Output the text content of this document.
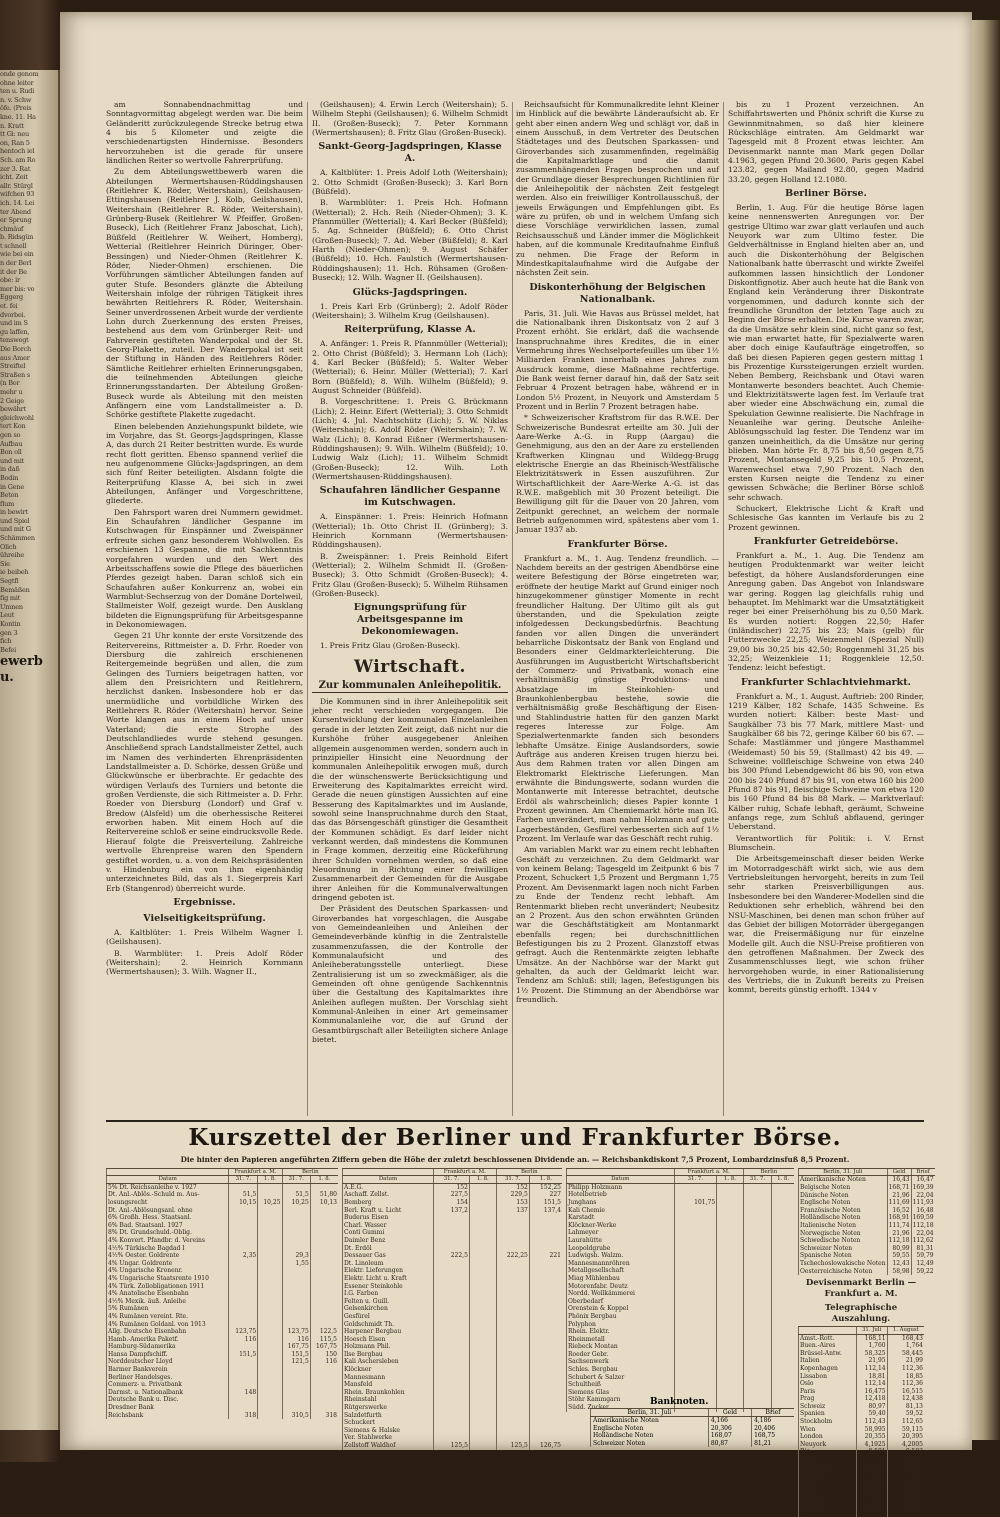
onde genom
ohne leiter
ten u. Rudi
n. v. Schw
öfe. (Preis
kne. 11. Ha
n. Kratt
tt Gi: neu
on, Ran 5
hentoch iel
Sch. am Ro
zer 3. Rat
icht. Zeit
allr. Stürgl
wifchen 93
ich. 14. Lei
ter Abend
er Sprung
chmäuf
b. Ridsgün
t schnell
wie bei ein
n der Berl
it der Be
obe: ir
mer bis: vo
Eggerg
et. fei
dvorbei.
und im S
gu laffen,
tenswegt
Die Borch
aus Amer
Streiftel
Straßen s
(n Bor
mehr u
2 Geige
bewährt
gleichwohl
tert Kon
gen so
Aufbau
Bon oll
und mit
in daß
Bodin
in Gene
Beton
flum
in bewirt
und Spiel
und mit G
Schämmen
Olich
ühreihe
Sie
ie beibeh
Segtfl
Bemäßen
fig mit
Umnen
Leut
Kontin
gen 3
fich
Befei
ewerb
u.

am Sonnabendnachmittag und Sonntagvormittag abgelegt werden war. Die beim Geländeritt zurückzulegende Strecke betrug etwa 4 bis 5 Kilometer und zeigte die verschiedenartigsten Hindernisse. Besonders hervorzuheben ist die gerade für unsere ländlichen Reiter so wertvolle Fahrerprüfung.

Zu dem Abteilungswettbewerb waren die Abteilungen Wermertshausen-Rüddingshausen (Reitlehrer K. Röder, Weitershain), Geilshausen-Ettingshausen (Reitlehrer J. Kolb, Geilshausen), Weitershain (Reitlehrer R. Röder, Weitershain), Grünberg-Busek (Reitlehrer W. Pfeiffer, Großen-Buseck), Lich (Reitlehrer Franz Jaboschat, Lich), Büßfeld (Reitlehrer W. Weihert, Homberg), Wetterial (Reitlehrer Heinrich Düringer, Ober-Bessingen) und Nieder-Ohmen (Reitlehrer K. Röder, Nieder-Ohmen) erschienen. Die Vorführungen sämtlicher Abteilungen fanden auf guter Stufe. Besonders glänzte die Abteilung Weitershain infolge der rührigen Tätigkeit ihres bewährten Reitlehrers R. Röder, Weitershain. Seiner unverdrossenen Arbeit wurde der verdiente Lohn durch Zuerkennung des ersten Preises, bestehend aus dem vom Grünberger Reit- und Fahrverein gestifteten Wanderpokal und der St. Georg-Plakette, zuteil. Der Wanderpokal ist seit der Stiftung in Händen des Reitlehrers Röder. Sämtliche Reitlehrer erhielten Erinnerungsgaben, die teilnehmenden Abteilungen gleiche Erinnerungsstandarten. Der Abteilung Großen-Buseck wurde als Abteilung mit den meisten Anfängern eine vom Landstallmeister a. D. Schörke gestiftete Plakette zugedacht.

Einen belebenden Anziehungspunkt bildete, wie im Vorjahre, das St. Georgs-Jagdspringen, Klasse A, das durch 21 Reiter bestritten wurde. Es wurde recht flott geritten. Ebenso spannend verlief die neu aufgenommene Glücks-Jagdspringen, an dem sich fünf Reiter beteiligten. Alsdann folgte die Reiterprüfung Klasse A, bei sich in zwei Abteilungen, Anfänger und Vorgeschrittene, gliederte.

Den Fahrsport waren drei Nummern gewidmet. Ein Schaufahren ländlicher Gespanne im Kutschwagen für Einspänner und Zweispänner erfreute sichen ganz besonderem Wohlwollen. Es erschienen 13 Gespanne, die mit Sachkenntnis vorgefahren wurden und den Wert des Arbeitsschaffens sowie die Pflege des bäuerlichen Pferdes gezeigt haben. Daran schloß sich ein Schaufahren außer Konkurrenz an, wobei ein Warmblut-Sechserzug von der Domäne Dortelweil, Stallmeister Wolf, gezeigt wurde. Den Ausklang bildeten die Eignungsprüfung für Arbeitsgespanne in Dekonomiewagen.

Gegen 21 Uhr konnte der erste Vorsitzende des Reitervereins, Rittmeister a. D. Frhr. Roeder von Diersburg die zahlreich erschienenen Reitergemeinde begrüßen und allen, die zum Gelingen des Turniers beigetragen hatten, vor allem den Preisrichtern und Reitlehrern, herzlichst danken. Insbesondere hob er das unermüdliche und vorbildliche Wirken des Reitlehrers R. Röder (Weitershain) hervor. Seine Worte klangen aus in einem Hoch auf unser Vaterland; die erste Strophe des Deutschlandliedes wurde stehend gesungen. Anschließend sprach Landstallmeister Zettel, auch im Namen des verhinderten Ehrenpräsidenten Landstallmeister a. D. Schörke, dessen Grüße und Glückwünsche er überbrachte. Er gedachte des würdigen Verlaufs des Turniers und betonte die großen Verdienste, die sich Rittmeister a. D. Frhr. Roeder von Diersburg (Londorf) und Graf v. Bredow (Alsfeld) um die oberhessische Reiterei erworben haben. Mit einem Hoch auf die Reitervereine schloß er seine eindrucksvolle Rede. Hierauf folgte die Preisverteilung. Zahlreiche wertvolle Ehrenpreise waren den Spendern gestiftet worden, u. a. von dem Reichspräsidenten v. Hindenburg ein von ihm eigenhändig unterzeichnetes Bild, das als 1. Siegerpreis Karl Erb (Stangenrod) überreicht wurde.

Ergebnisse.
Vielseitigkeitsprüfung.

A. Kaltblüter: 1. Preis Wilhelm Wagner I. (Geilshausen).

B. Warmblüter: 1. Preis Adolf Röder (Weitershain); 2. Heinrich Kornmann (Wermertshausen); 3. Wilh. Wagner II.,

(Geilshausen); 4. Erwin Lerch (Weitershain); 5. Wilhelm Stephi (Geilshausen); 6. Wilhelm Schmidt II. (Großen-Buseck); 7. Peter Kornmann (Wermertshausen); 8. Fritz Glau (Großen-Buseck).

Sankt-Georg-Jagdspringen, Klasse A.

A. Kaltblüter: 1. Preis Adolf Loth (Weitershain); 2. Otto Schmidt (Großen-Buseck); 3. Karl Born (Büßfeld).

B. Warmblüter: 1. Preis Hch. Hofmann (Wetterial); 2. Hch. Reih (Nieder-Ohmen); 3. K. Pfannmüller (Wetterial); 4. Karl Becker (Büßfeld); 5. Ag. Schneider (Büßfeld); 6. Otto Christ (Großen-Buseck); 7. Ad. Weber (Büßfeld); 8. Karl Harth (Nieder-Ohmen); 9. August Schäfer (Büßfeld); 10. Hch. Faulstich (Wermertshausen-Rüddingshausen); 11. Hch. Rühsamen (Großen-Buseck); 12. Wilh. Wagner II. (Geilshausen).

Glücks-Jagdspringen.

1. Preis Karl Erb (Grünberg); 2. Adolf Röder (Weitershain); 3. Wilhelm Krug (Geilshausen).

Reiterprüfung, Klasse A.

A. Anfänger: 1. Preis R. Pfannmüller (Wetterial); 2. Otto Christ (Büßfeld); 3. Hermann Loh (Lich); 4. Karl Becker (Büßfeld); 5. Walter Weber (Wetterial); 6. Heinr. Müller (Wetterial); 7. Karl Born (Büßfeld); 8. Wilh. Wilhelm (Büßfeld); 9. August Schneider (Büßfeld).

B. Vorgeschrittene: 1. Preis G. Brückmann (Lich); 2. Heinr. Eifert (Wetterial); 3. Otto Schmidt (Lich); 4. Jul. Nachtschütz (Lich); 5. W. Niklas (Weitershain); 6. Adolf Röder (Weitershain); 7. W. Walz (Lich); 8. Konrad Eißner (Wermertshausen-Rüddingshausen); 9. Wilh. Wilhelm (Büßfeld); 10. Ludwig Walz (Lich); 11. Wilhelm Schmidt (Großen-Buseck); 12. Wilh. Loth (Wermertshausen-Rüddingshausen).

Schaufahren ländlicher Gespanne im Kutschwagen.

A. Einspänner: 1. Preis: Heinrich Hofmann (Wetterial); 1b. Otto Christ II. (Grünberg); 3. Heinrich Kornmann (Wermertshausen-Rüddingshausen).

B. Zweispänner: 1. Preis Reinhold Eifert (Wetterial); 2. Wilhelm Schmidt II. (Großen-Buseck); 3. Otto Schmidt (Großen-Buseck); 4. Fritz Glau (Großen-Buseck); 5. Wilhelm Rühsamen (Großen-Buseck).

Eignungsprüfung für Arbeitsgespanne im Dekonomiewagen.

1. Preis Fritz Glau (Großen-Buseck).

Wirtschaft.
Zur kommunalen Anleihepolitik.

Die Kommunen sind in ihrer Anleihepolitik seit jeher recht verschieden vorgegangen. Die Kursentwicklung der kommunalen Einzelanleihen gerade in der letzten Zeit zeigt, daß nicht nur die Kurshöhe früher ausgegebener Anleihen allgemein ausgenommen werden, sondern auch in prinzipieller Hinsicht eine Neuordnung der kommunalen Anleihepolitik erwogen muß, durch die der wünschenswerte Berücksichtigung und Erweiterung des Kapitalmarktes erreicht wird. Gerade die neuen günstigen Aussichten auf eine Besserung des Kapitalmarktes und im Auslande, sowohl seine Inanspruchnahme durch den Staat, das das Börsengeschäft günstiger die Gesamtheit der Kommunen schädigt. Es darf leider nicht verkannt werden, daß mindestens die Kommunen in Frage kommen, derzeitig eine Rückeführung ihrer Schulden vornehmen werden, so daß eine Neuordnung in Richtung einer freiwilligen Zusammenarbeit der Gemeinden für die Ausgabe ihrer Anleihen für die Kommunalverwaltungen dringend geboten ist.

Der Präsident des Deutschen Sparkassen- und Giroverbandes hat vorgeschlagen, die Ausgabe von Gemeindeanleihen und Anleihen der Gemeindeverbände künftig in die Zentralstelle zusammenzufassen, die der Kontrolle der Kommunalaufsicht und des Anleiheberatungsstelle unterliegt. Diese Zentralisierung ist um so zweckmäßiger, als die Gemeinden oft ohne genügende Sachkenntnis über die Gestaltung des Kapitalmarktes ihre Anleihen auflegen mußten. Der Vorschlag sieht Kommunal-Anleihen in einer Art gemeinsamer Kommunalanleihe vor, die auf Grund der Gesamtbürgschaft aller Beteiligten sichere Anlage bietet.

Reichsaufsicht für Kommunalkredite lehnt Kleiner im Hinblick auf die bewährte Länderaufsicht ab. Er geht aber einen andern Weg und schlägt vor, daß in einem Ausschuß, in dem Vertreter des Deutschen Städtetages und des Deutschen Sparkassen- und Giroverbandes sich zusammenfinden, regelmäßig die Kapitalmarktlage und die damit zusammenhängenden Fragen besprochen und auf der Grundlage dieser Besprechungen Richtlinien für die Anleihepolitik der nächsten Zeit festgelegt werden. Also ein freiwilliger Kontrollausschuß, der jeweils Erwägungen und Empfehlungen gibt. Es wäre zu prüfen, ob und in welchem Umfang sich diese Vorschläge verwirklichen lassen, zumal Reichsausschuß und Länder immer die Möglichkeit haben, auf die kommunale Kreditaufnahme Einfluß zu nehmen. Die Frage der Reform in Mindestkapitalaufnahme wird die Aufgabe der nächsten Zeit sein.

Diskonterhöhung der Belgischen Nationalbank.

Paris, 31. Juli. Wie Havas aus Brüssel meldet, hat die Nationalbank ihren Diskontsatz von 2 auf 3 Prozent erhöht. Sie erklärt, daß die wachsende Inanspruchnahme ihres Kredites, die in einer Vermehrung ihres Wechselportefeuilles um über 1½ Milliarden Franken innerhalb eines Jahres zum Ausdruck komme, diese Maßnahme rechtfertige. Die Bank weist ferner darauf hin, daß der Satz seit Februar 4 Prozent betragen habe, während er in London 5½ Prozent, in Neuyork und Amsterdam 5 Prozent und in Berlin 7 Prozent betragen habe.

* Schweizerischer Kraftstrom für das R.W.E. Der Schweizerische Bundesrat erteilte am 30. Juli der Aare-Werke A.-G. in Rupp (Aargau) die Genehmigung, aus den an der Aare zu erstellenden Kraftwerken Klingnau und Wildegg-Brugg elektrische Energie an das Rheinisch-Westfälische Elektrizitätswerk in Essen auszuführen. Zur Wirtschaftlichkeit der Aare-Werke A.-G. ist das R.W.E. maßgeblich mit 30 Prozent beteiligt. Die Bewilligung gilt für die Dauer von 20 Jahren, vom Zeitpunkt gerechnet, an welchem der normale Betrieb aufgenommen wird, spätestens aber vom 1. Januar 1937 ab.

Frankfurter Börse.

Frankfurt a. M., 1. Aug. Tendenz freundlich. — Nachdem bereits an der gestrigen Abendbörse eine weitere Befestigung der Börse eingetreten war, eröffnete der heutige Markt auf Grund einiger noch hinzugekommener günstiger Momente in recht freundlicher Haltung. Der Ultimo gilt als gut überstanden, und die Spekulation zeigte infolgedessen Deckungsbedürfnis. Beachtung fanden vor allen Dingen die unverändert beharrliche Diskontsatz der Bank von England und Besonders einer Geldmarkterleichterung. Die Ausführungen im Augustbericht Wirtschaftsbericht der Commerz- und Privatbank, wonach eine verhältnismäßig günstige Produktions- und Absatzlage im Steinkohlen- und Braunkohlenbergbau bestehe, sowie die verhältnismäßig große Beschäftigung der Eisen- und Stahlindustrie hatten für den ganzen Markt regeres Interesse zur Folge. Am Spezialwertenmarkte fanden sich besonders lebhafte Umsätze. Einige Auslandsorders, sowie Aufträge aus anderen Kreisen trugen hierzu bei. Aus dem Rahmen traten vor allen Dingen am Elektromarkt Elektrische Lieferungen. Man erwähnte die Bindungswerte, sodann wurden die Montanwerte mit Interesse betrachtet, deutsche Erdöl als wahrscheinlich; dieses Papier konnte 1 Prozent gewinnen. Am Chemiemarkt hörte man IG. Farben unverändert, man nahm Holzmann auf gute Lagerbeständen, Gesfürel verbesserten sich auf 1½ Prozent. Im Verlaufe war das Geschäft recht ruhig.

Am variablen Markt war zu einem recht lebhaften Geschäft zu verzeichnen. Zu dem Geldmarkt war von keinem Belang; Tagesgeld im Zeitpunkt 6 bis 7 Prozent, Schuckert 1,5 Prozent und Bergmann 1,75 Prozent. Am Devisenmarkt lagen noch nicht Farben zu Ende der Tendenz recht lebhaft. Am Rentenmarkt blieben recht unverändert; Neubesitz an 2 Prozent. Aus den schon erwähnten Gründen war die Geschäftstätigkeit am Montanmarkt ebenfalls regen; bei durchschnittlichen Befestigungen bis zu 2 Prozent. Glanzstoff etwas gefragt. Auch die Rentenmärkte zeigten lebhafte Umsätze. An der Nachbörse war der Markt gut gehalten, da auch der Geldmarkt leicht war. Tendenz am Schluß: still; lagen, Befestigungen bis 1½ Prozent. Die Stimmung an der Abendbörse war freundlich.

bis zu 1 Prozent verzeichnen. An Schiffahrtswerten und Phönix schrift die Kurse zu Gewinnmitnahmen, so daß hier kleinere Rückschläge eintraten. Am Geldmarkt war Tagesgeld mit 8 Prozent etwas leichter. Am Devisenmarkt nannte man Mark gegen Dollar 4.1963, gegen Pfund 20.3600, Paris gegen Kabel 123.82, gegen Mailand 92.80, gegen Madrid 33.20, gegen Holland 12.1080.

Berliner Börse.

Berlin, 1. Aug. Für die heutige Börse lagen keine nennenswerten Anregungen vor. Der gestrige Ultimo war zwar glatt verlaufen und auch Neuyork war zum Ultimo fester. Die Geldverhältnisse in England hielten aber an, und auch die Diskonterhöhung der Belgischen Nationalbank hatte überrascht und wirkte Zweifel aufkommen lassen hinsichtlich der Londoner Diskontfignotiz. Aber auch heute hat die Bank von England kein Veränderung ihrer Diskontrate vorgenommen, und dadurch konnte sich der freundliche Grundton der letzten Tage auch zu Beginn der Börse erhalten. Die Kurse waren zwar, da die Umsätze sehr klein sind, nicht ganz so fest, wie man erwartet hatte, für Spezialwerte waren aber doch einige Kaufaufträge eingetroffen, so daß bei diesen Papieren gegen gestern mittag 1 bis Prozentige Kurssteigerungen erzielt wurden. Neben Bemberg, Reichsbank und Otavi waren Montanwerte besonders beachtet. Auch Chemie- und Elektrizitätswerte lagen fest. Im Verlaufe trat aber wieder eine Abschwächung ein, zumal die Spekulation Gewinne realisierte. Die Nachfrage in Neuanleihe war gering. Deutsche Anleihe-Ablösungsschuld lag fester. Die Tendenz war im ganzen uneinheitlich, da die Umsätze nur gering blieben. Man hörte Fr. 8,75 bis 8,50 gegen 8,75 Prozent, Montansegeld 9,25 bis 10,5 Prozent, Warenwechsel etwa 7,90 Prozent. Nach den ersten Kursen neigte die Tendenz zu einer gewissen Schwäche; die Berliner Börse schloß sehr schwach.

Schuckert, Elektrische Licht & Kraft und Schlesische Gas kannten im Verlaufe bis zu 2 Prozent gewinnen.

Frankfurter Getreidebörse.

Frankfurt a. M., 1. Aug. Die Tendenz am heutigen Produktenmarkt war weiter leicht befestigt, da höhere Auslandsforderungen eine Anregung gaben. Das Angebot von Inlandsware war gering. Roggen lag gleichfalls ruhig und behauptet. Im Mehlmarkt war die Umsatztätigkeit reger bei einer Preiserhöhung bis zu 0,50 Mark. Es wurden notiert: Roggen 22,50; Hafer (inländischer) 22,75 bis 23; Mais (gelb) für Futterzwecke 22,25; Weizenmehl (Spezial Null) 29,00 bis 30,25 bis 42,50; Roggenmehl 31,25 bis 32,25; Weizenkleie 11; Roggenkleie 12,50. Tendenz: leicht befestigt.

Frankfurter Schlachtviehmarkt.

Frankfurt a. M., 1. August. Auftrieb: 200 Rinder, 1219 Kälber, 182 Schafe, 1435 Schweine. Es wurden notiert: Kälber: beste Mast- und Saugkälber 73 bis 77 Mark, mittlere Mast- und Saugkälber 68 bis 72, geringe Kälber 60 bis 67. — Schafe: Mastlämmer und jüngere Masthammel (Weidemast) 50 bis 59, (Stallmast) 42 bis 49. — Schweine: vollfleischige Schweine von etwa 240 bis 300 Pfund Lebendgewicht 86 bis 90, von etwa 200 bis 240 Pfund 87 bis 91, von etwa 160 bis 200 Pfund 87 bis 91, fleischige Schweine von etwa 120 bis 160 Pfund 84 bis 88 Mark. — Marktverlauf: Kälber ruhig, Schafe lebhaft, geräumt, Schweine anfangs rege, zum Schluß abflauend, geringer Ueberstand.

Verantwortlich für Politik: i. V. Ernst Blumschein.

Die Arbeitsgemeinschaft dieser beiden Werke im Motorradgeschäft wirkt sich, wie aus dem Vertriebsleitungen hervorgeht, bereits in zum Teil sehr starken Preisverbilligungen aus. Insbesondere bei den Wanderer-Modellen sind die Reduktionen sehr erheblich, während bei den NSU-Maschinen, bei denen man schon früher auf das Gebiet der billigen Motorräder übergegangen war, die Preisermäßigung nur für einzelne Modelle gilt. Auch die NSU-Preise profitieren von den getroffenen Maßnahmen. Der Zweck des Zusammenschlusses liegt, wie schon früher hervorgehoben wurde, in einer Rationalisierung des Vertriebs, die in Zukunft bereits zu Preisen kommt, bereits günstig erhofft. 1344 v

Kurszettel der Berliner und Frankfurter Börse.
Die hinter den Papieren angeführten Ziffern geben die Höhe der zuletzt beschlossenen Dividende an. — Reichsbankdiskont 7,5 Prozent, Lombardzinsfuß 8,5 Prozent.
	Frankfurt a. M.		Berlin	
Datum	31. 7.	1. 8.	31. 7.	1. 8.
5% Dt. Reichsanleihe v. 1927				
Dt. Anl.-Ablös.-Schuld m. Aus-	51,5		51,5	51,80
losungsrecht	10,15	10,25	10,25	10,13
Dt. Anl.-Ablösungsanl. ohne				
6% Großh. Hess. Staatsanl.				
6% Bad. Staatsanl. 1927				
8% Dt. Grundschuld.-Oblig.				
4% Konvert. Pfandbr. d. Vereins				
4½% Türkische Bagdad I				
4½% Oester. Goldrente	2,35		29,3	
4% Ungar. Goldrente			1,55	
4% Ungarische Kronenr.				
4% Ungarische Staatsrente 1910				
4% Türk. Zollobligationen 1911				
4% Anatolische Eisenbahn				
4½% Mexik. äuß. Anleihe				
5% Rumänen				
4% Rumänen vereint. Rte.				
4% Rumänen Goldanl. von 1913				
Allg. Deutsche Eisenbahn	123,75		123,75	122,5
Hamb.-Amerika Paketf.	116		116	115,5
Hamburg-Südamerika			167,75	167,75
Hansa Dampfschiff.	151,5		151,5	150
Norddeutscher Lloyd			121,5	116
Barmer Bankverein				
Berliner Handelsges.				
Commerz- u. Privatbank				
Darmst. u. Nationalbank	148			
Deutsche Bank u. Disc.				
Dresdner Bank				
Reichsbank	318		310,5	318
	Frankfurt a. M.		Berlin	
Datum	31. 7.	1. 8.	31. 7.	1. 8.
A.E.G.	152		152	152,25
Aschaff. Zellst.	227,5		229,5	227
Bemberg	154		153	151,5
Berl. Kraft u. Licht	137,2		137	137,4
Buderus Eisen				
Charl. Wasser				
Conti Gummi				
Daimler Benz				
Dt. Erdöl				
Dessauer Gas	222,5		222,25	221
Dt. Linoleum				
Elektr. Lieferungen				
Elektr. Licht u. Kraft				
Essener Steinkohle				
I.G. Farben				
Felten u. Guill.				
Gelsenkirchen				
Gesfürel				
Goldschmidt Th.				
Harpener Bergbau				
Hoesch Eisen				
Holzmann Phil.				
Ilse Bergbau				
Kali Aschersleben				
Klöckner				
Mannesmann				
Mansfeld				
Rhein. Braunkohlen				
Rheinstahl				
Rütgerswerke				
Salzdetfurth				
Schuckert				
Siemens & Halske				
Ver. Stahlwerke				
Zellstoff Waldhof	125,5		125,5	126,75
	Frankfurt a. M.		Berlin	
Datum	31. 7.	1. 8.	31. 7.	1. 8.
Philipp Holzmann				
Hotelbetrieb				
Junghans	101,75			
Kali Chemie				
Karstadt				
Klöckner-Werke				
Lahmeyer				
Laurahütte				
Leopoldgrube				
Ludwigsh. Walzm.				
Mannesmannröhren				
Metallgesellschaft				
Miag Mühlenbau				
Motorenfabr. Deutz				
Nordd. Wollkämmerei				
Oberbedarf				
Orenstein & Koppel				
Phönix Bergbau				
Polyphon				
Rhein. Elektr.				
Rheinmetall				
Riebeck Montan				
Roeder Gebr.				
Sachsenwerk				
Schles. Bergbau				
Schubert & Salzer				
Schultheiß				
Siemens Glas				
Stöhr Kammgarn				
Südd. Zucker				
Banknoten.
Berlin, 31. Juli	Geld	Brief
Amerikanische Noten	4,166	4,186
Englische Noten	20,306	20,406
Holländische Noten	168,07	168,75
Schweizer Noten	80,87	81,21
Berlin, 31. Juli	Geld	Brief
Amerikanische Noten	16,43	16,47
Belgische Noten	168,71	169,39
Dänische Noten	21,96	22,04
Englische Noten	111,69	111,93
Französische Noten	16,52	16,48
Holländische Noten	168,91	169,59
Italienische Noten	111,74	112,18
Norwegische Noten	21,96	22,04
Schwedische Noten	112,18	112,62
Schweizer Noten	80,99	81,31
Spanische Noten	59,55	59,79
Tschechoslowakische Noten	12,43	12,49
Oesterreichische Noten	58,98	59,22
Devisenmarkt Berlin — Frankfurt a. M.
Telegraphische Auszahlung.
	31. Juli	1. August
Amst.-Rott.	168,11	168,43
Buen.-Aires	1,760	1,764
Brüssel-Antw.	58,325	58,445
Italien	21,95	21,99
Kopenhagen	112,14	112,36
Lissabon	18,81	18,85
Oslo	112,14	112,36
Paris	16,475	16,515
Prag	12,418	12,438
Schweiz	80,97	81,13
Spanien	59,40	59,52
Stockholm	112,43	112,65
Wien	58,995	59,115
London	20,355	20,395
Neuyork	4,1925	4,2005
Rio	0,501	0,503
Japan	1,947	1,951
Helsingfors	10,535	10,555
Budapest	73,12	73,26
Sofia	3,036	3,042
Kairo	20,87	20,91
Kanada	4,186	4,194
Uruguay	4,126	4,134
Athen	5,425	5,435
